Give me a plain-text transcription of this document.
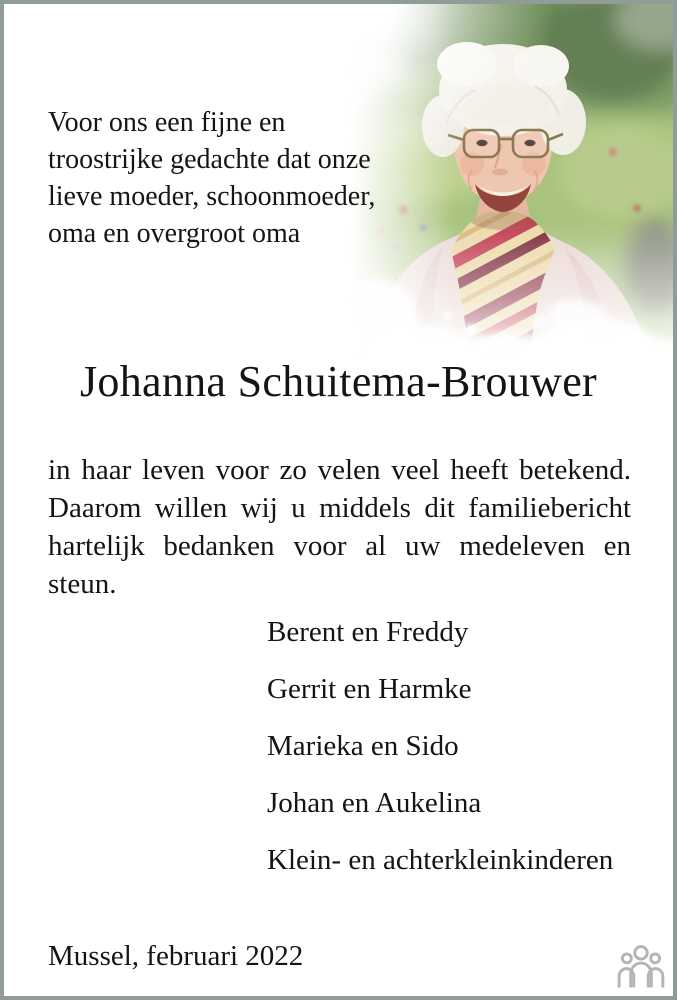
Voor ons een fijne en
troostrijke gedachte dat onze
lieve moeder, schoonmoeder,
oma en overgroot oma
Johanna Schuitema-Brouwer
in haar leven voor zo velen veel heeft betekend.
Daarom willen wij u middels dit familiebericht
hartelijk bedanken voor al uw medeleven en steun.
Berent en Freddy
Gerrit en Harmke
Marieka en Sido
Johan en Aukelina
Klein- en achterkleinkinderen
Mussel, februari 2022
